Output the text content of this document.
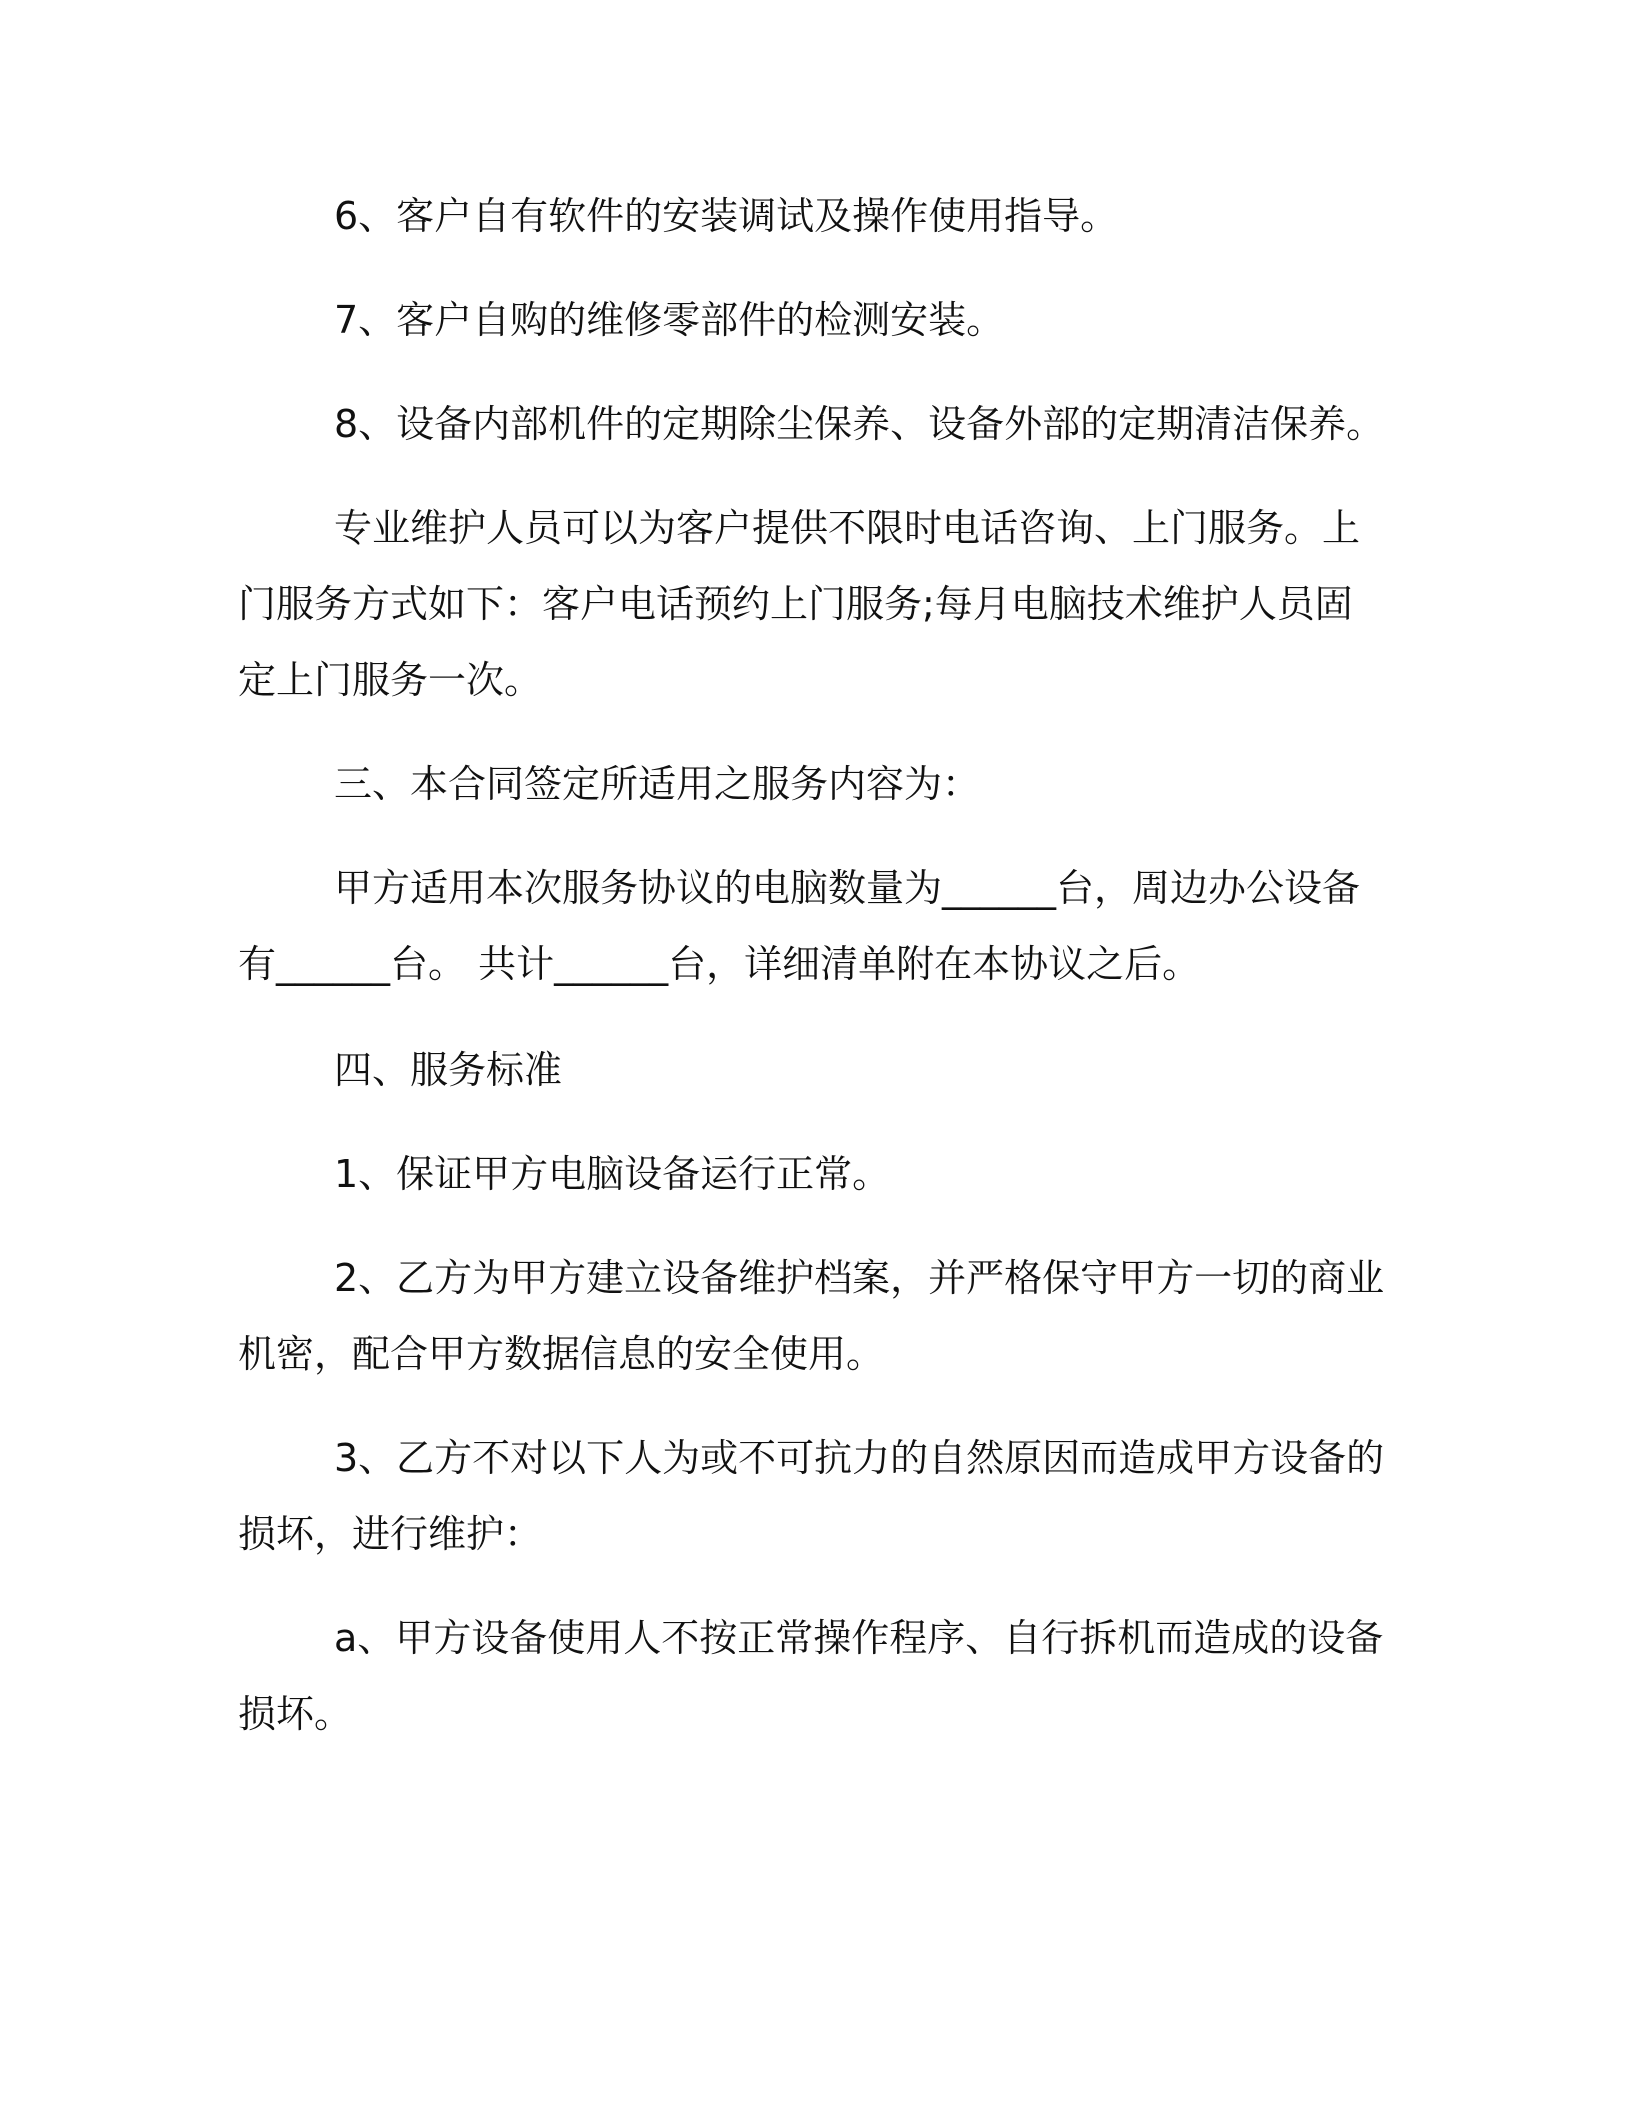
6、客户自有软件的安装调试及操作使用指导。

7、客户自购的维修零部件的检测安装。

8、设备内部机件的定期除尘保养、设备外部的定期清洁保养。

专业维护人员可以为客户提供不限时电话咨询、上门服务。上门服务方式如下：客户电话预约上门服务;每月电脑技术维护人员固定上门服务一次。

三、本合同签定所适用之服务内容为：

甲方适用本次服务协议的电脑数量为______台，周边办公设备有______台。 共计______台，详细清单附在本协议之后。

四、服务标准

1、保证甲方电脑设备运行正常。

2、乙方为甲方建立设备维护档案，并严格保守甲方一切的商业机密，配合甲方数据信息的安全使用。

3、乙方不对以下人为或不可抗力的自然原因而造成甲方设备的损坏，进行维护：

a、甲方设备使用人不按正常操作程序、自行拆机而造成的设备损坏。
